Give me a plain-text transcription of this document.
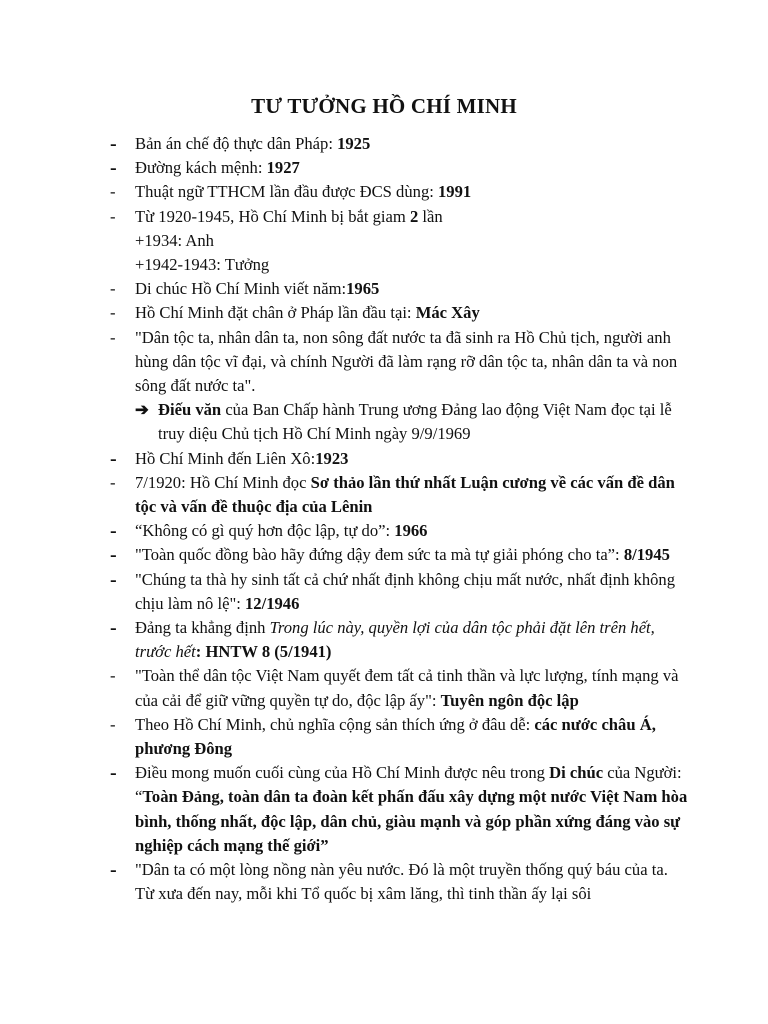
TƯ TƯỞNG HỒ CHÍ MINH
-	Bản án chế độ thực dân Pháp: 1925
-	Đường kách mệnh: 1927
-	Thuật ngữ TTHCM lần đầu được ĐCS dùng: 1991
-	Từ 1920-1945, Hồ Chí Minh bị bắt giam 2 lần
+1934: Anh
+1942-1943: Tưởng
-	Di chúc Hồ Chí Minh viết năm:1965
-	Hồ Chí Minh đặt chân ở Pháp lần đầu tại: Mác Xây
-	"Dân tộc ta, nhân dân ta, non sông đất nước ta đã sinh ra Hồ Chủ tịch, người anh hùng dân tộc vĩ đại, và chính Người đã làm rạng rỡ dân tộc ta, nhân dân ta và non sông đất nước ta".
➔ Điếu văn của Ban Chấp hành Trung ương Đảng lao động Việt Nam đọc tại lễ truy diệu Chủ tịch Hồ Chí Minh ngày 9/9/1969
-	Hồ Chí Minh đến Liên Xô:1923
-	7/1920: Hồ Chí Minh đọc Sơ thảo lần thứ nhất Luận cương về các vấn đề dân tộc và vấn đề thuộc địa của Lênin
-	“Không có gì quý hơn độc lập, tự do”: 1966
-	"Toàn quốc đồng bào hãy đứng dậy đem sức ta mà tự giải phóng cho ta”: 8/1945
-	"Chúng ta thà hy sinh tất cả chứ nhất định không chịu mất nước, nhất định không chịu làm nô lệ": 12/1946
-	Đảng ta khẳng định Trong lúc này, quyền lợi của dân tộc phải đặt lên trên hết, trước hết: HNTW 8 (5/1941)
-	"Toàn thể dân tộc Việt Nam quyết đem tất cả tinh thần và lực lượng, tính mạng và của cải để giữ vững quyền tự do, độc lập ấy": Tuyên ngôn độc lập
-	Theo Hồ Chí Minh, chủ nghĩa cộng sản thích ứng ở đâu dễ: các nước châu Á, phương Đông
-	Điều mong muốn cuối cùng của Hồ Chí Minh được nêu trong Di chúc của Người: “Toàn Đảng, toàn dân ta đoàn kết phấn đấu xây dựng một nước Việt Nam hòa bình, thống nhất, độc lập, dân chủ, giàu mạnh và góp phần xứng đáng vào sự nghiệp cách mạng thế giới”
-	"Dân ta có một lòng nồng nàn yêu nước. Đó là một truyền thống quý báu của ta. Từ xưa đến nay, mỗi khi Tổ quốc bị xâm lăng, thì tinh thần ấy lại sôi
